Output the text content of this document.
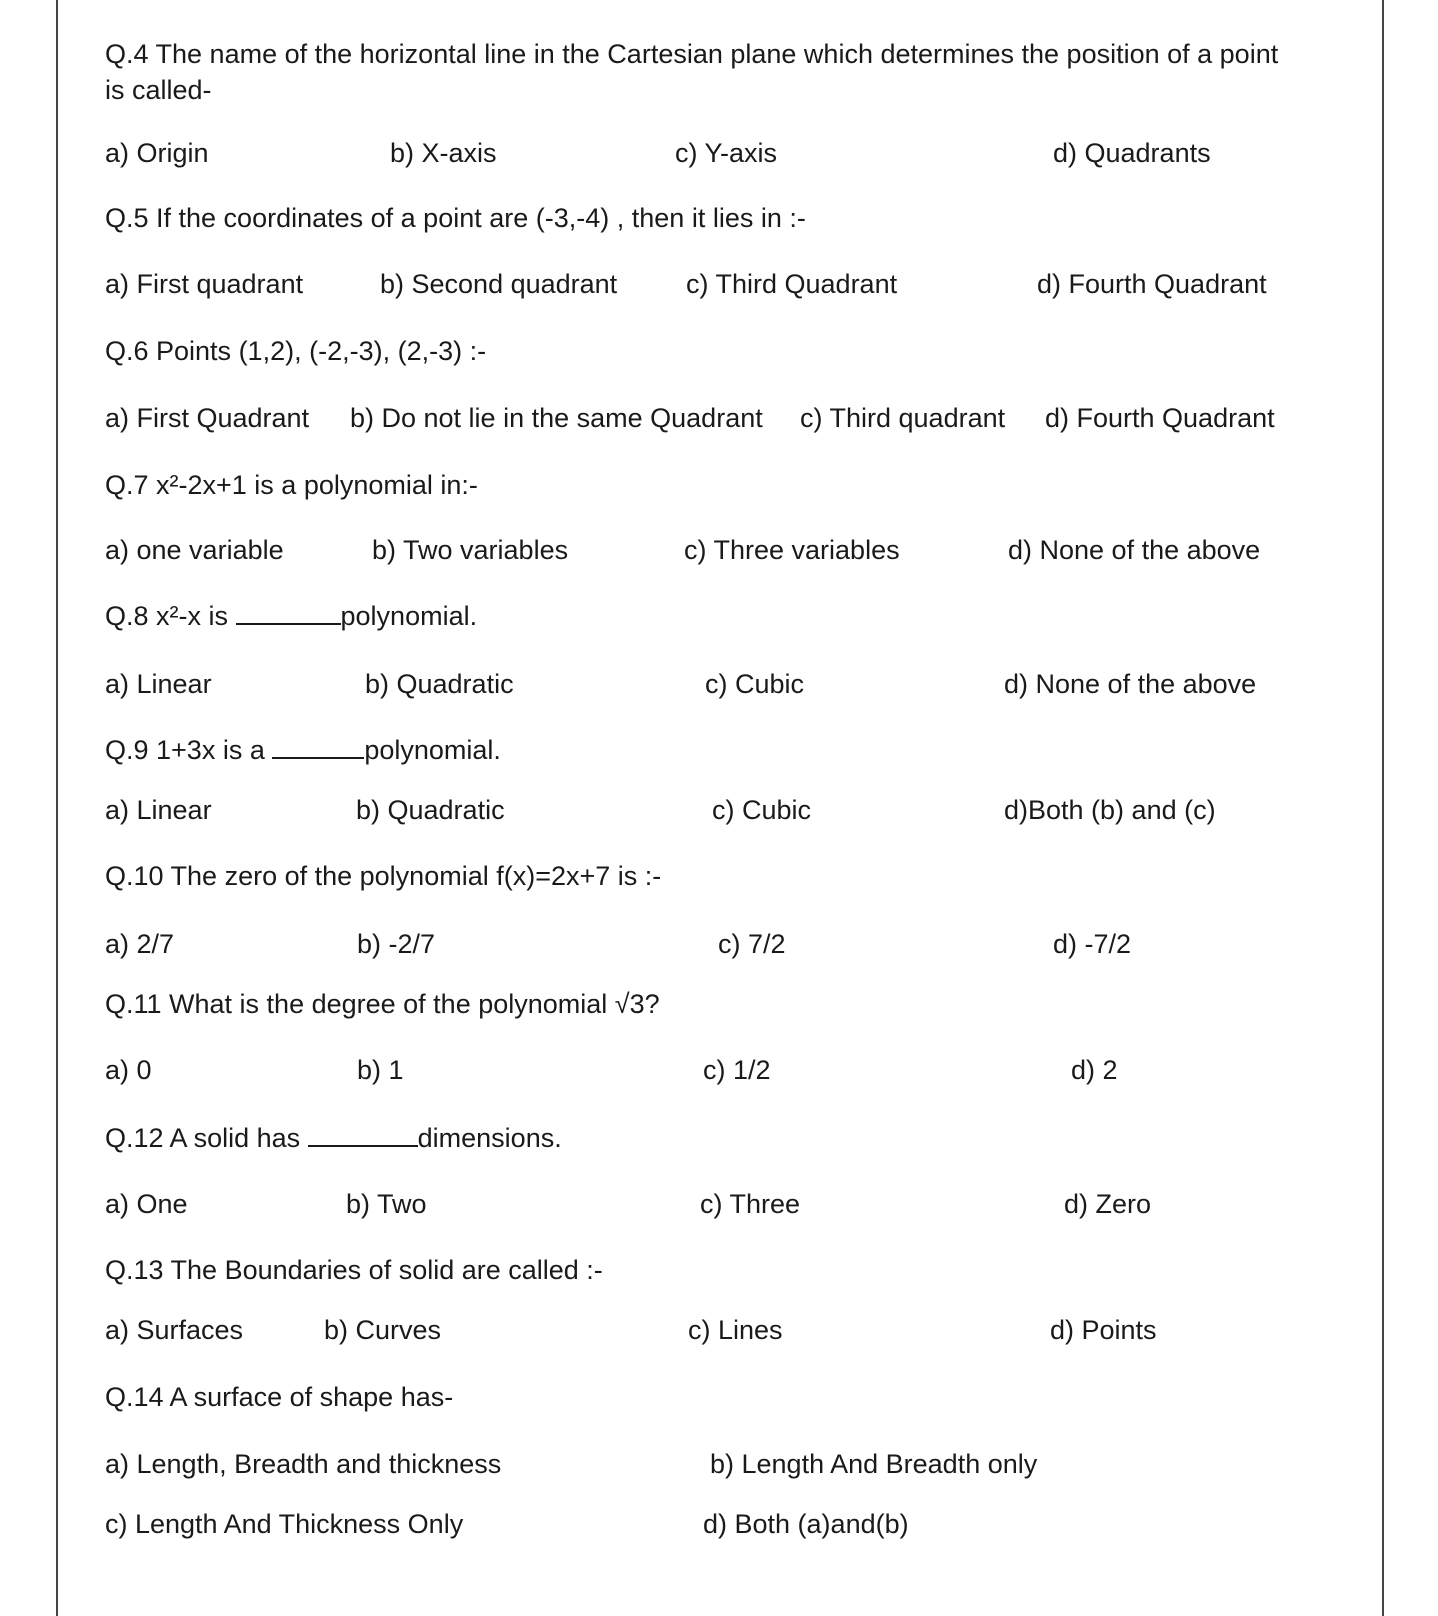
Q.4 The name of the horizontal line in the Cartesian plane which determines the position of a point

is called-

a) Origin	b) X-axis	c) Y-axis	d) Quadrants

Q.5 If the coordinates of a point are (-3,-4) , then it lies in :-

a) First quadrant	b) Second quadrant	c) Third Quadrant	d) Fourth Quadrant

Q.6 Points (1,2), (-2,-3), (2,-3) :-

a) First Quadrant b) Do not lie in the same Quadrant c) Third quadrant d) Fourth Quadrant

Q.7 x²-2x+1 is a polynomial in:-

a) one variable	b) Two variables	c) Three variables	d) None of the above

Q.8 x²-x is	polynomial.

a) Linear	b) Quadratic	c) Cubic	d) None of the above

Q.9 1+3x is a	polynomial.

a) Linear	b) Quadratic	c) Cubic	d)Both (b) and (c)

Q.10 The zero of the polynomial f(x)=2x+7 is :-

a) 2/7	b) -2/7	c) 7/2	d) -7/2

Q.11 What is the degree of the polynomial √3?

a) 0	b) 1	c) 1/2	d) 2

Q.12 A solid has	dimensions.

a) One	b) Two	c) Three	d) Zero

Q.13 The Boundaries of solid are called :-

a) Surfaces	b) Curves	c) Lines	d) Points

Q.14 A surface of shape has-

a) Length, Breadth and thickness	b) Length And Breadth only
c) Length And Thickness Only	d) Both (a)and(b)
